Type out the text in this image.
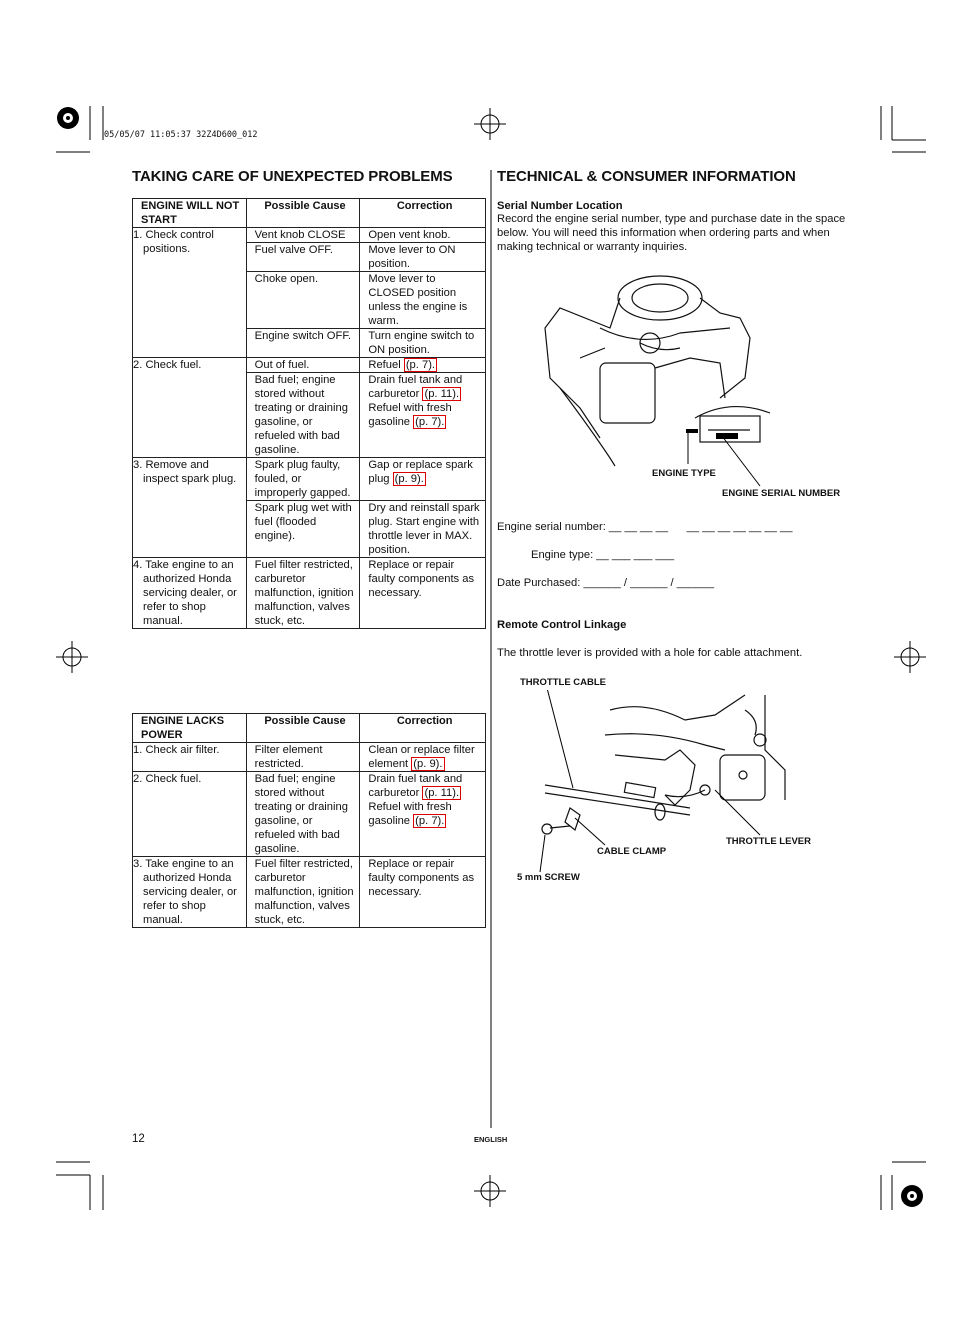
05/05/07 11:05:37 32Z4D600_012
TAKING CARE OF UNEXPECTED PROBLEMS
ENGINE WILL NOT START	Possible Cause	Correction
1. Check control positions.	Vent knob CLOSE	Open vent knob.
	Fuel valve OFF.	Move lever to ON position.
	Choke open.	Move lever to CLOSED position unless the engine is warm.
	Engine switch OFF.	Turn engine switch to ON position.
2. Check fuel.	Out of fuel.	Refuel (p. 7).
	Bad fuel; engine stored without treating or draining gasoline, or refueled with bad gasoline.	Drain fuel tank and carburetor (p. 11). Refuel with fresh gasoline (p. 7).
3. Remove and inspect spark plug.	Spark plug faulty, fouled, or improperly gapped.	Gap or replace spark plug (p. 9).
	Spark plug wet with fuel (flooded engine).	Dry and reinstall spark plug. Start engine with throttle lever in MAX. position.
4. Take engine to an authorized Honda servicing dealer, or refer to shop manual.	Fuel filter restricted, carburetor malfunction, ignition malfunction, valves stuck, etc.	Replace or repair faulty components as necessary.
ENGINE LACKS POWER	Possible Cause	Correction
1. Check air filter.	Filter element restricted.	Clean or replace filter element (p. 9).
2. Check fuel.	Bad fuel; engine stored without treating or draining gasoline, or refueled with bad gasoline.	Drain fuel tank and carburetor (p. 11). Refuel with fresh gasoline (p. 7).
3. Take engine to an authorized Honda servicing dealer, or refer to shop manual.	Fuel filter restricted, carburetor malfunction, ignition malfunction, valves stuck, etc.	Replace or repair faulty components as necessary.
TECHNICAL & CONSUMER INFORMATION
Serial Number Location
Record the engine serial number, type and purchase date in the space below. You will need this information when ordering parts and when making technical or warranty inquiries.
ENGINE TYPE
ENGINE SERIAL NUMBER
Engine serial number: __ __ __ __      __ __ __ __ __ __ __
Engine type: __ ___ ___ ___
Date Purchased: ______ / ______ / ______
Remote Control Linkage
The throttle lever is provided with a hole for cable attachment.
THROTTLE CABLE
THROTTLE LEVER
CABLE CLAMP
5 mm SCREW
12	ENGLISH
